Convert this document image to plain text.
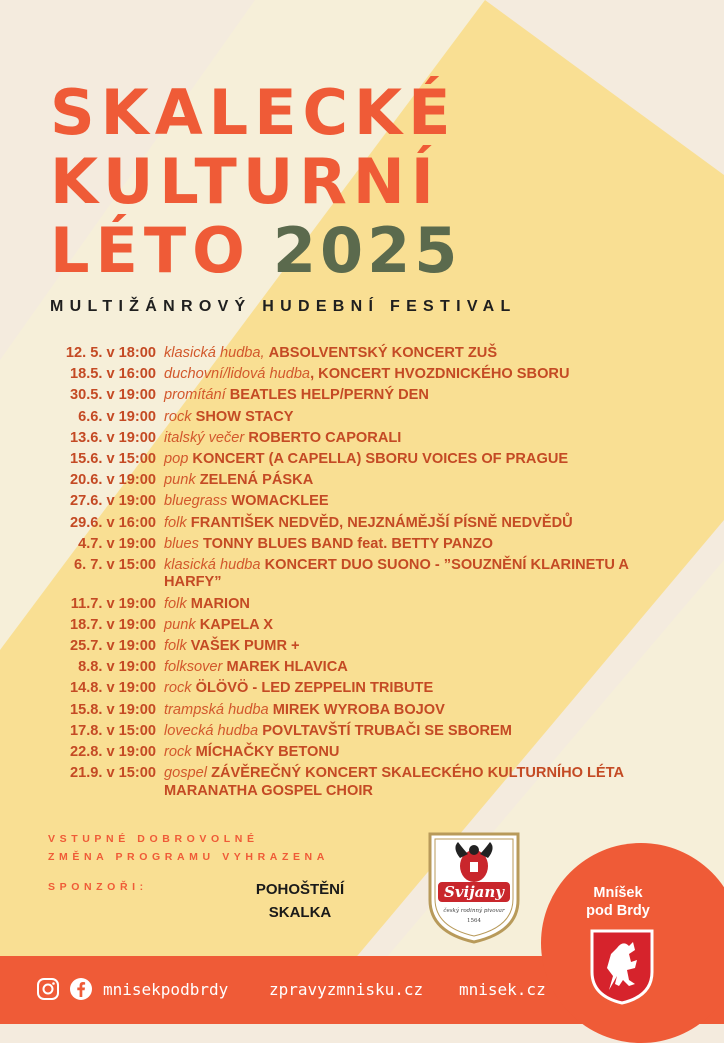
SKALECKÉ
KULTURNÍ
LÉTO 2025

MULTIŽÁNROVÝ HUDEBNÍ FESTIVAL

12. 5. v 18:00 klasická hudba, ABSOLVENTSKÝ KONCERT ZUŠ
18.5. v 16:00 duchovní/lidová hudba, KONCERT HVOZDNICKÉHO SBORU
30.5. v 19:00 promítání BEATLES HELP/PERNÝ DEN
6.6. v 19:00 rock SHOW STACY
13.6. v 19:00 italský večer ROBERTO CAPORALI
15.6. v 15:00 pop KONCERT (A CAPELLA) SBORU VOICES OF PRAGUE
20.6. v 19:00 punk ZELENÁ PÁSKA
27.6. v 19:00 bluegrass WOMACKLEE
29.6. v 16:00 folk FRANTIŠEK NEDVĚD, NEJZNÁMĚJŠÍ PÍSNĚ NEDVĚDŮ
4.7. v 19:00 blues TONNY BLUES BAND feat. BETTY PANZO
6. 7. v 15:00 klasická hudba KONCERT DUO SUONO - ”SOUZNĚNÍ KLARINETU A HARFY”
11.7. v 19:00 folk MARION
18.7. v 19:00 punk KAPELA X
25.7. v 19:00 folk VAŠEK PUMR +
8.8. v 19:00 folksover MAREK HLAVICA
14.8. v 19:00 rock ÖLÖVÖ - LED ZEPPELIN TRIBUTE
15.8. v 19:00 trampská hudba MIREK WYROBA BOJOV
17.8. v 15:00 lovecká hudba POVLTAVŠTÍ TRUBAČI SE SBOREM
22.8. v 19:00 rock MÍCHAČKY BETONU
21.9. v 15:00 gospel ZÁVĚREČNÝ KONCERT SKALECKÉHO KULTURNÍHO LÉTA MARANATHA GOSPEL CHOIR
VSTUPNÉ DOBROVOLNÉ
ZMĚNA PROGRAMU VYHRAZENA
SPONZOŘI:	POHOŠTĚNÍ
SKALKA
Svijany
český rodinný pivovar
1564
Mníšek
pod Brdy
mnisekpodbrdy	zpravyzmnisku.cz mnisek.cz
